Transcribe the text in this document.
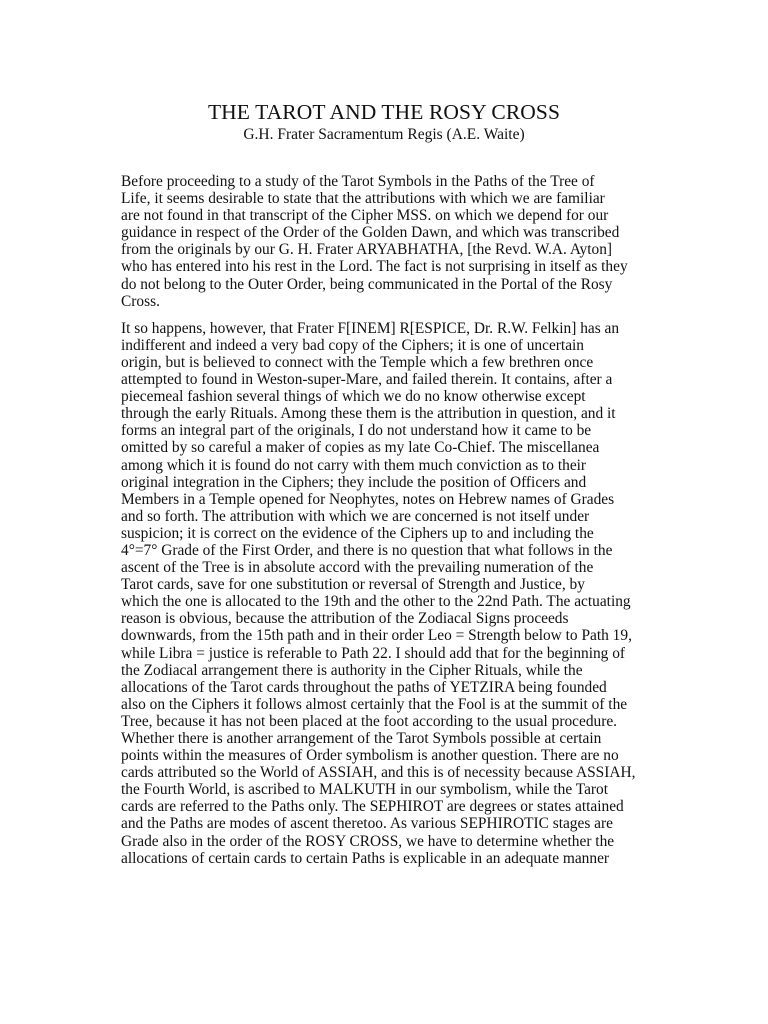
THE TAROT AND THE ROSY CROSS
G.H. Frater Sacramentum Regis (A.E. Waite)

Before proceeding to a study of the Tarot Symbols in the Paths of the Tree of
Life, it seems desirable to state that the attributions with which we are familiar
are not found in that transcript of the Cipher MSS. on which we depend for our
guidance in respect of the Order of the Golden Dawn, and which was transcribed
from the originals by our G. H. Frater ARYABHATHA, [the Revd. W.A. Ayton]
who has entered into his rest in the Lord. The fact is not surprising in itself as they
do not belong to the Outer Order, being communicated in the Portal of the Rosy
Cross.

It so happens, however, that Frater F[INEM] R[ESPICE, Dr. R.W. Felkin] has an
indifferent and indeed a very bad copy of the Ciphers; it is one of uncertain
origin, but is believed to connect with the Temple which a few brethren once
attempted to found in Weston-super-Mare, and failed therein. It contains, after a
piecemeal fashion several things of which we do no know otherwise except
through the early Rituals. Among these them is the attribution in question, and it
forms an integral part of the originals, I do not understand how it came to be
omitted by so careful a maker of copies as my late Co-Chief. The miscellanea
among which it is found do not carry with them much conviction as to their
original integration in the Ciphers; they include the position of Officers and
Members in a Temple opened for Neophytes, notes on Hebrew names of Grades
and so forth. The attribution with which we are concerned is not itself under
suspicion; it is correct on the evidence of the Ciphers up to and including the
4°=7° Grade of the First Order, and there is no question that what follows in the
ascent of the Tree is in absolute accord with the prevailing numeration of the
Tarot cards, save for one substitution or reversal of Strength and Justice, by
which the one is allocated to the 19th and the other to the 22nd Path. The actuating
reason is obvious, because the attribution of the Zodiacal Signs proceeds
downwards, from the 15th path and in their order Leo = Strength below to Path 19,
while Libra = justice is referable to Path 22. I should add that for the beginning of
the Zodiacal arrangement there is authority in the Cipher Rituals, while the
allocations of the Tarot cards throughout the paths of YETZIRA being founded
also on the Ciphers it follows almost certainly that the Fool is at the summit of the
Tree, because it has not been placed at the foot according to the usual procedure.
Whether there is another arrangement of the Tarot Symbols possible at certain
points within the measures of Order symbolism is another question. There are no
cards attributed so the World of ASSIAH, and this is of necessity because ASSIAH,
the Fourth World, is ascribed to MALKUTH in our symbolism, while the Tarot
cards are referred to the Paths only. The SEPHIROT are degrees or states attained
and the Paths are modes of ascent theretoo. As various SEPHIROTIC stages are
Grade also in the order of the ROSY CROSS, we have to determine whether the
allocations of certain cards to certain Paths is explicable in an adequate manner
